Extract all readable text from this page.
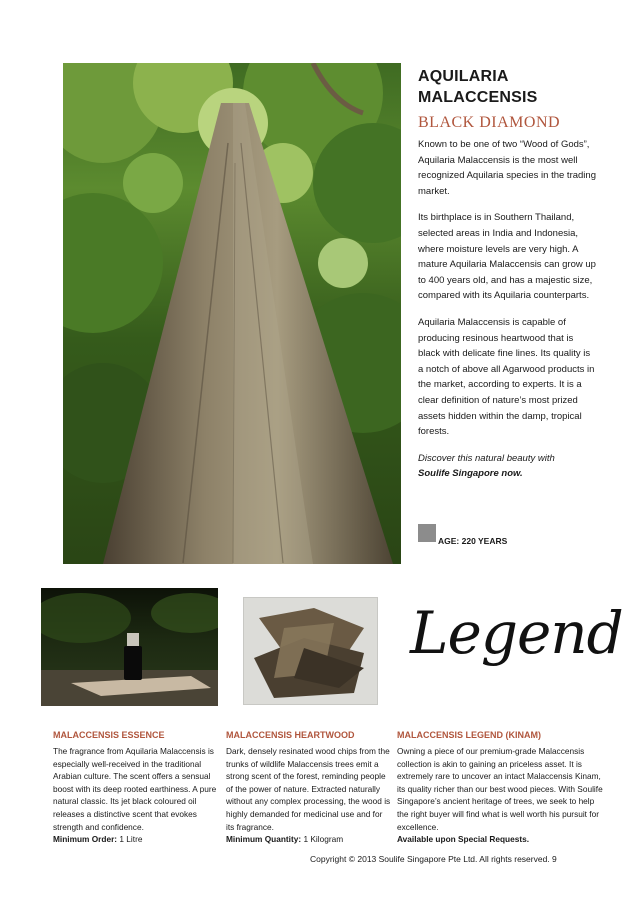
AQUILARIA
MALACCENSIS
BLACK DIAMOND

Known to be one of two “Wood of Gods”, Aquilaria Malaccensis is the most well recognized Aquilaria species in the trading market.

Its birthplace is in Southern Thailand, selected areas in India and Indonesia, where moisture levels are very high. A mature Aquilaria Malaccensis can grow up to 400 years old, and has a majestic size, compared with its Aquilaria counterparts.

Aquilaria Malaccensis is capable of producing resinous heartwood that is black with delicate fine lines. Its quality is a notch of above all Agarwood products in the market, according to experts. It is a clear definition of nature’s most prized assets hidden within the damp, tropical forests.

Discover this natural beauty with

Soulife Singapore now.

AGE: 220 YEARS
Legend
MALACCENSIS ESSENCE

The fragrance from Aquilaria Malaccensis is especially well-received in the traditional Arabian culture. The scent offers a sensual boost with its deep rooted earthiness. A pure natural classic. Its jet black coloured oil releases a distinctive scent that evokes strength and confidence.

Minimum Order: 1 Litre

MALACCENSIS HEARTWOOD

Dark, densely resinated wood chips from the trunks of wildlife Malaccensis trees emit a strong scent of the forest, reminding people of the power of nature. Extracted naturally without any complex processing, the wood is highly demanded for medicinal use and for its fragrance.

Minimum Quantity: 1 Kilogram

MALACCENSIS LEGEND (KINAM)

Owning a piece of our premium-grade Malaccensis collection is akin to gaining an priceless asset. It is extremely rare to uncover an intact Malaccensis Kinam, its quality richer than our best wood pieces. With Soulife Singapore’s ancient heritage of trees, we seek to help the right buyer will find what is well worth his pursuit for excellence.

Available upon Special Requests.

Copyright © 2013 Soulife Singapore Pte Ltd. All rights reserved. 9
